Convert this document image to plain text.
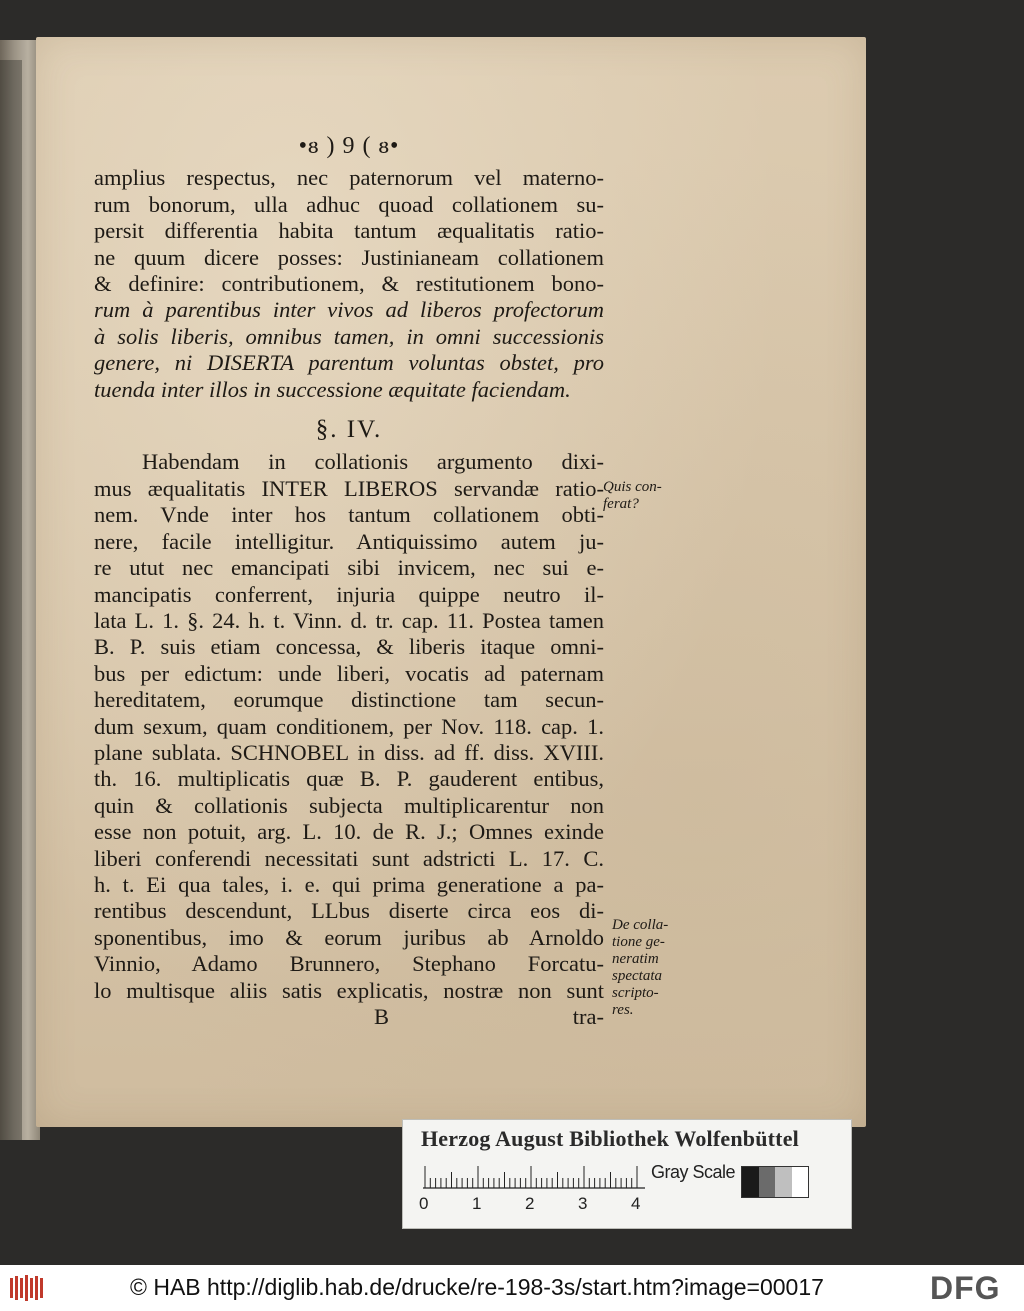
•ᴕ ) 9 ( ᴕ•
amplius respectus, nec paternorum vel materno-
rum bonorum, ulla adhuc quoad collationem su-
persit differentia habita tantum æqualitatis ratio-
ne quum dicere posses: Justinianeam collationem
& definire: contributionem, & restitutionem bono-
rum à parentibus inter vivos ad liberos profectorum
à solis liberis, omnibus tamen, in omni successionis
genere, ni DISERTA parentum voluntas obstet, pro
tuenda inter illos in successione æquitate faciendam.
§. IV.
Habendam in collationis argumento dixi-
mus æqualitatis INTER LIBEROS servandæ ratio-
nem. Vnde inter hos tantum collationem obti-
nere, facile intelligitur. Antiquissimo autem ju-
re utut nec emancipati sibi invicem, nec sui e-
mancipatis conferrent, injuria quippe neutro il-
lata L. 1. §. 24. h. t. Vinn. d. tr. cap. 11. Postea tamen
B. P. suis etiam concessa, & liberis itaque omni-
bus per edictum: unde liberi, vocatis ad paternam
hereditatem, eorumque distinctione tam secun-
dum sexum, quam conditionem, per Nov. 118. cap. 1.
plane sublata. SCHNOBEL in diss. ad ff. diss. XVIII.
th. 16. multiplicatis quæ B. P. gauderent entibus,
quin & collationis subjecta multiplicarentur non
esse non potuit, arg. L. 10. de R. J.; Omnes exinde
liberi conferendi necessitati sunt adstricti L. 17. C.
h. t. Ei qua tales, i. e. qui prima generatione a pa-
rentibus descendunt, LLbus diserte circa eos di-
sponentibus, imo & eorum juribus ab Arnoldo
Vinnio, Adamo Brunnero, Stephano Forcatu-
lo multisque aliis satis explicatis, nostræ non sunt
B	tra-
Quis con-
ferat?
De colla-
tione ge-
neratim
spectata
scripto-
res.
Herzog August Bibliothek Wolfenbüttel
0	1	2	3	4
Gray Scale
© HAB http://diglib.hab.de/drucke/re-198-3s/start.htm?image=00017	DFG
